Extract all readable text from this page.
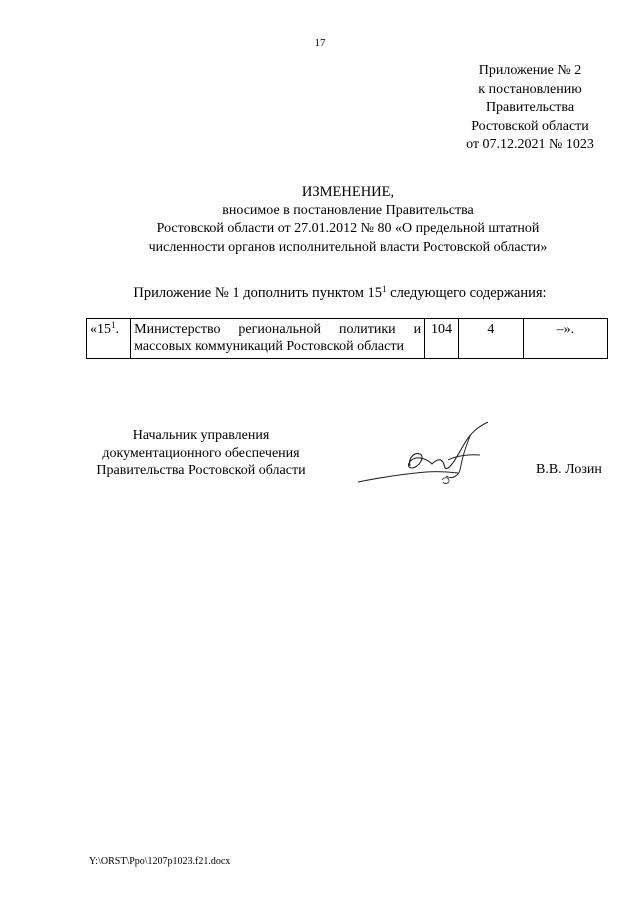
17
Приложение № 2
к постановлению
Правительства
Ростовской области
от 07.12.2021 № 1023
ИЗМЕНЕНИЕ,
вносимое в постановление Правительства
Ростовской области от 27.01.2012 № 80 «О предельной штатной
численности органов исполнительной власти Ростовской области»
Приложение № 1 дополнить пунктом $15^1$ следующего содержания:
«$15^1$.	Министерство региональной политики и массовых коммуникаций Ростовской области	104	4	–».
Начальник управления
документационного обеспечения
Правительства Ростовской области	В.В. Лозин
Y:\ORST\Ppo\1207p1023.f21.docx
